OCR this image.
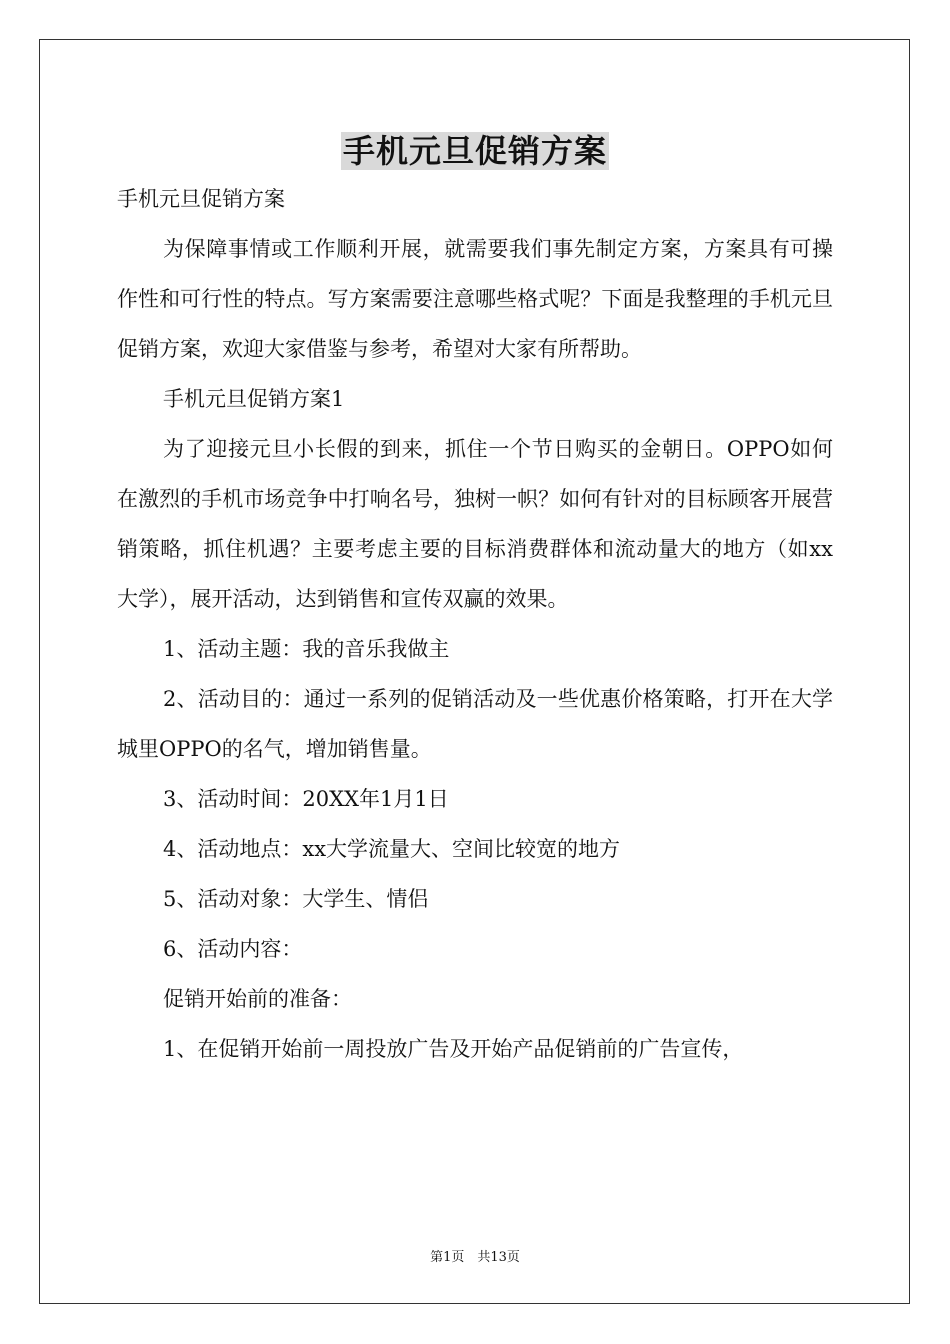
手机元旦促销方案

手机元旦促销方案

为保障事情或工作顺利开展，就需要我们事先制定方案，方案具有可操作性和可行性的特点。写方案需要注意哪些格式呢？下面是我整理的手机元旦促销方案，欢迎大家借鉴与参考，希望对大家有所帮助。

手机元旦促销方案1

为了迎接元旦小长假的到来，抓住一个节日购买的金朝日。OPPO如何在激烈的手机市场竞争中打响名号，独树一帜？如何有针对的目标顾客开展营销策略，抓住机遇？主要考虑主要的目标消费群体和流动量大的地方（如xx大学），展开活动，达到销售和宣传双赢的效果。

1、活动主题：我的音乐我做主

2、活动目的：通过一系列的促销活动及一些优惠价格策略，打开在大学城里OPPO的名气，增加销售量。

3、活动时间：20XX年1月1日

4、活动地点：xx大学流量大、空间比较宽的地方

5、活动对象：大学生、情侣

6、活动内容：

促销开始前的准备：

1、在促销开始前一周投放广告及开始产品促销前的广告宣传，

第1页　共13页
